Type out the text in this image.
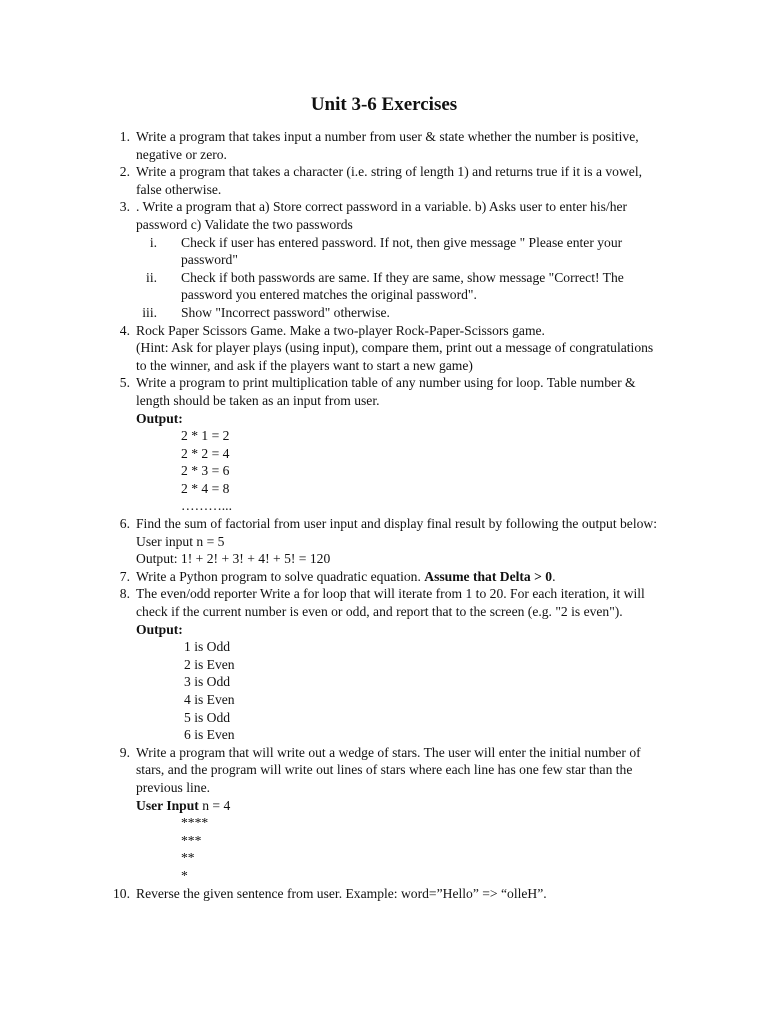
Unit 3-6 Exercises
1. Write a program that takes input a number from user & state whether the number is positive,
negative or zero.
2. Write a program that takes a character (i.e. string of length 1) and returns true if it is a vowel,
false otherwise.
3. . Write a program that a) Store correct password in a variable. b) Asks user to enter his/her
password c) Validate the two passwords
i. Check if user has entered password. If not, then give message " Please enter your
password"
ii. Check if both passwords are same. If they are same, show message "Correct! The
password you entered matches the original password".
iii. Show "Incorrect password" otherwise.
4. Rock Paper Scissors Game. Make a two-player Rock-Paper-Scissors game.
(Hint: Ask for player plays (using input), compare them, print out a message of congratulations
to the winner, and ask if the players want to start a new game)
5. Write a program to print multiplication table of any number using for loop. Table number &
length should be taken as an input from user.
Output:
2 * 1 = 2
2 * 2 = 4
2 * 3 = 6
2 * 4 = 8
………...
6. Find the sum of factorial from user input and display final result by following the output below:
User input n = 5
Output: 1! + 2! + 3! + 4! + 5! = 120
7. Write a Python program to solve quadratic equation. Assume that Delta > 0.
8. The even/odd reporter Write a for loop that will iterate from 1 to 20. For each iteration, it will
check if the current number is even or odd, and report that to the screen (e.g. "2 is even").
Output:
1 is Odd
2 is Even
3 is Odd
4 is Even
5 is Odd
6 is Even
9. Write a program that will write out a wedge of stars. The user will enter the initial number of
stars, and the program will write out lines of stars where each line has one few star than the
previous line.
User Input n = 4
****
***
**
*
10. Reverse the given sentence from user. Example: word=”Hello” => “olleH”.
